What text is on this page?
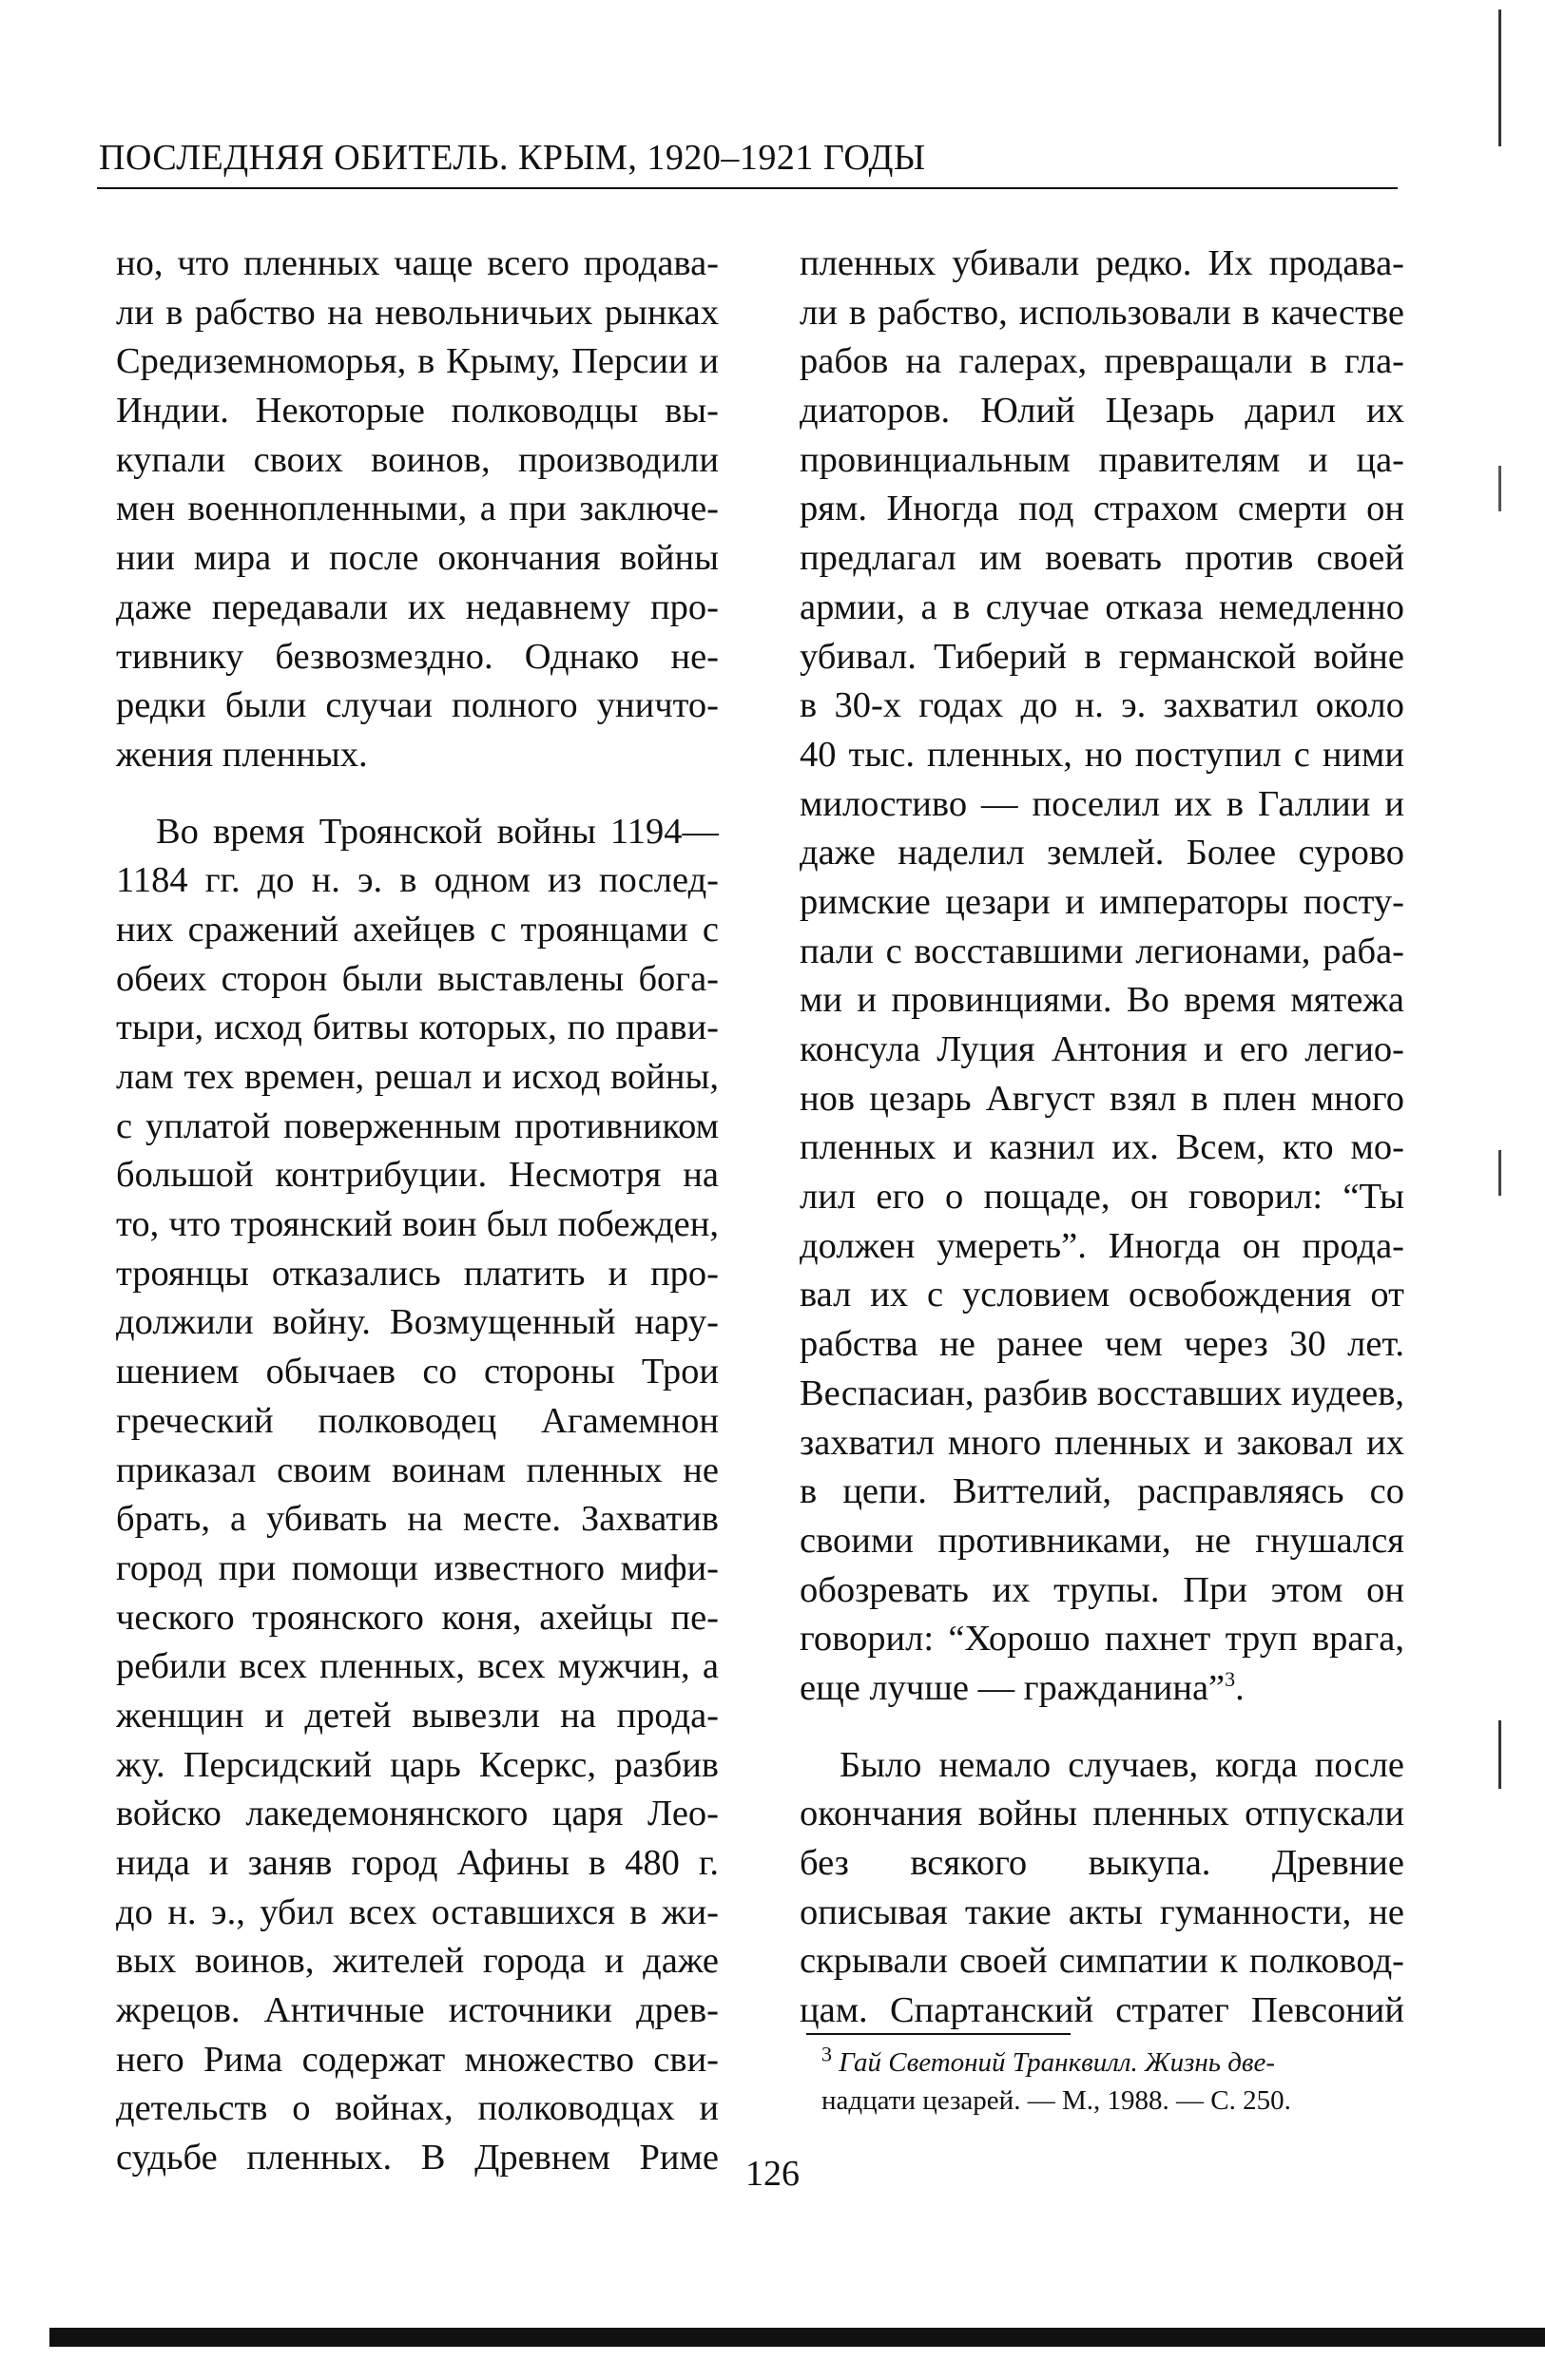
ПОСЛЕДНЯЯ ОБИТЕЛЬ. КРЫМ, 1920–1921 ГОДЫ
но, что пленных чаще всего продава-
ли в рабство на невольничьих рынках
Средиземноморья, в Крыму, Персии и
Индии. Некоторые полководцы вы-
купали своих воинов, производили
мен военнопленными, а при заключе-
нии мира и после окончания войны
даже передавали их недавнему про-
тивнику безвозмездно. Однако не-
редки были случаи полного уничто-
жения пленных.
Во время Троянской войны 1194—
1184 гг. до н. э. в одном из послед-
них сражений ахейцев с троянцами с
обеих сторон были выставлены бога-
тыри, исход битвы которых, по прави-
лам тех времен, решал и исход войны,
с уплатой поверженным противником
большой контрибуции. Несмотря на
то, что троянский воин был побежден,
троянцы отказались платить и про-
должили войну. Возмущенный нару-
шением обычаев со стороны Трои
греческий полководец Агамемнон
приказал своим воинам пленных не
брать, а убивать на месте. Захватив
город при помощи известного мифи-
ческого троянского коня, ахейцы пе-
ребили всех пленных, всех мужчин, а
женщин и детей вывезли на прода-
жу. Персидский царь Ксеркс, разбив
войско лакедемонянского царя Лео-
нида и заняв город Афины в 480 г.
до н. э., убил всех оставшихся в жи-
вых воинов, жителей города и даже
жрецов. Античные источники древ-
него Рима содержат множество сви-
детельств о войнах, полководцах и
судьбе пленных. В Древнем Риме
пленных убивали редко. Их продава-
ли в рабство, использовали в качестве
рабов на галерах, превращали в гла-
диаторов. Юлий Цезарь дарил их
провинциальным правителям и ца-
рям. Иногда под страхом смерти он
предлагал им воевать против своей
армии, а в случае отказа немедленно
убивал. Тиберий в германской войне
в 30-х годах до н. э. захватил около
40 тыс. пленных, но поступил с ними
милостиво — поселил их в Галлии и
даже наделил землей. Более сурово
римские цезари и императоры посту-
пали с восставшими легионами, раба-
ми и провинциями. Во время мятежа
консула Луция Антония и его легио-
нов цезарь Август взял в плен много
пленных и казнил их. Всем, кто мо-
лил его о пощаде, он говорил: “Ты
должен умереть”. Иногда он прода-
вал их с условием освобождения от
рабства не ранее чем через 30 лет.
Веспасиан, разбив восставших иудеев,
захватил много пленных и заковал их
в цепи. Виттелий, расправляясь со
своими противниками, не гнушался
обозревать их трупы. При этом он
говорил: “Хорошо пахнет труп врага,
еще лучше — гражданина”$^3$.
Было немало случаев, когда после
окончания войны пленных отпускали
без всякого выкупа. Древние
описывая такие акты гуманности, не
скрывали своей симпатии к полковод-
цам. Спартанский стратег Певсоний
$^3$ Гай Светоний Транквилл. Жизнь две-
надцати цезарей. — М., 1988. — С. 250.
126
